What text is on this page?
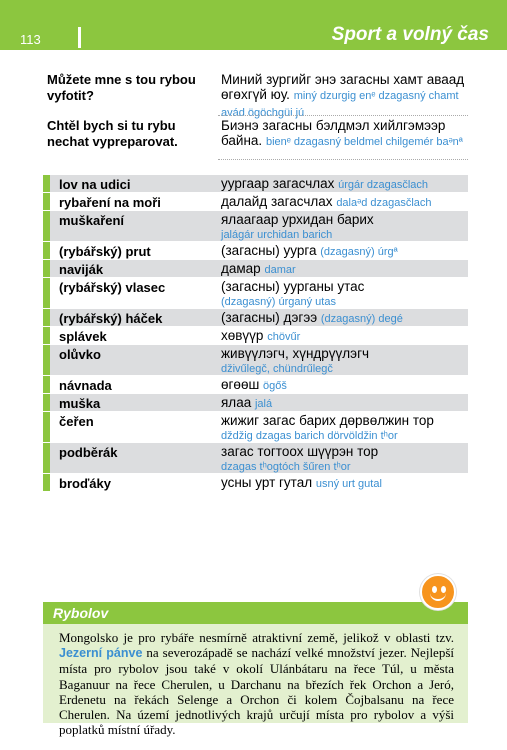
113	Sport a volný čas
Můžete mne s tou rybou vyfotit?
Миний зургийг энэ загасны хамт аваад өгөхгүй юу. miný dzurgig enᵉ dzagasný chamt avád ögöchgüi jú
Chtěl bych si tu rybu nechat vypreparovat.
Биэнэ загасны бэлдмэл хийлгэмээр байна. bienᵉ dzagasný beldmel chilgemér baᵊnª
lov na udici	уургаар загасчлах úrgár dzagasčlach
rybaření na moři	далайд загасчлах dalaᵊd dzagasčlach
muškaření	ялаагаар урхидан барих
jalágár urchidan barich
(rybářský) prut	(загасны) уурга (dzagasný) úrgª
naviják	дамар damar
(rybářský) vlasec	(загасны) уурганы утас
(dzagasný) úrganý utas
(rybářský) háček	(загасны) дэгээ (dzagasný) degé
splávek	хөвүүр chövűr
olůvko	живүүлэгч, хүндрүүлэгч
dživűlegč, chündrűlegč
návnada	өгөөш ögőš
muška	ялаа jalá
čeřen	жижиг загас барих дөрвөлжин тор
dždžig dzagas barich dörvöldžin tʰor
podběrák	загас тогтоох шүүрэн тор
dzagas tʰogtóch šűren tʰor
broďáky	усны урт гутал usný urt gutal
Rybolov
Mongolsko je pro rybáře nesmírně atraktivní země, jelikož v oblasti tzv. Jezerní pánve na severozápadě se nachází velké množství jezer. Nejlepší místa pro rybolov jsou také v okolí Ulánbátaru na řece Túl, u města Baganuur na řece Cherulen, u Darchanu na březích řek Orchon a Jeró, Erdenetu na řekách Selenge a Orchon či kolem Čojbalsanu na řece Cherulen. Na území jednotlivých krajů určují místa pro rybolov a výši poplatků místní úřady.
